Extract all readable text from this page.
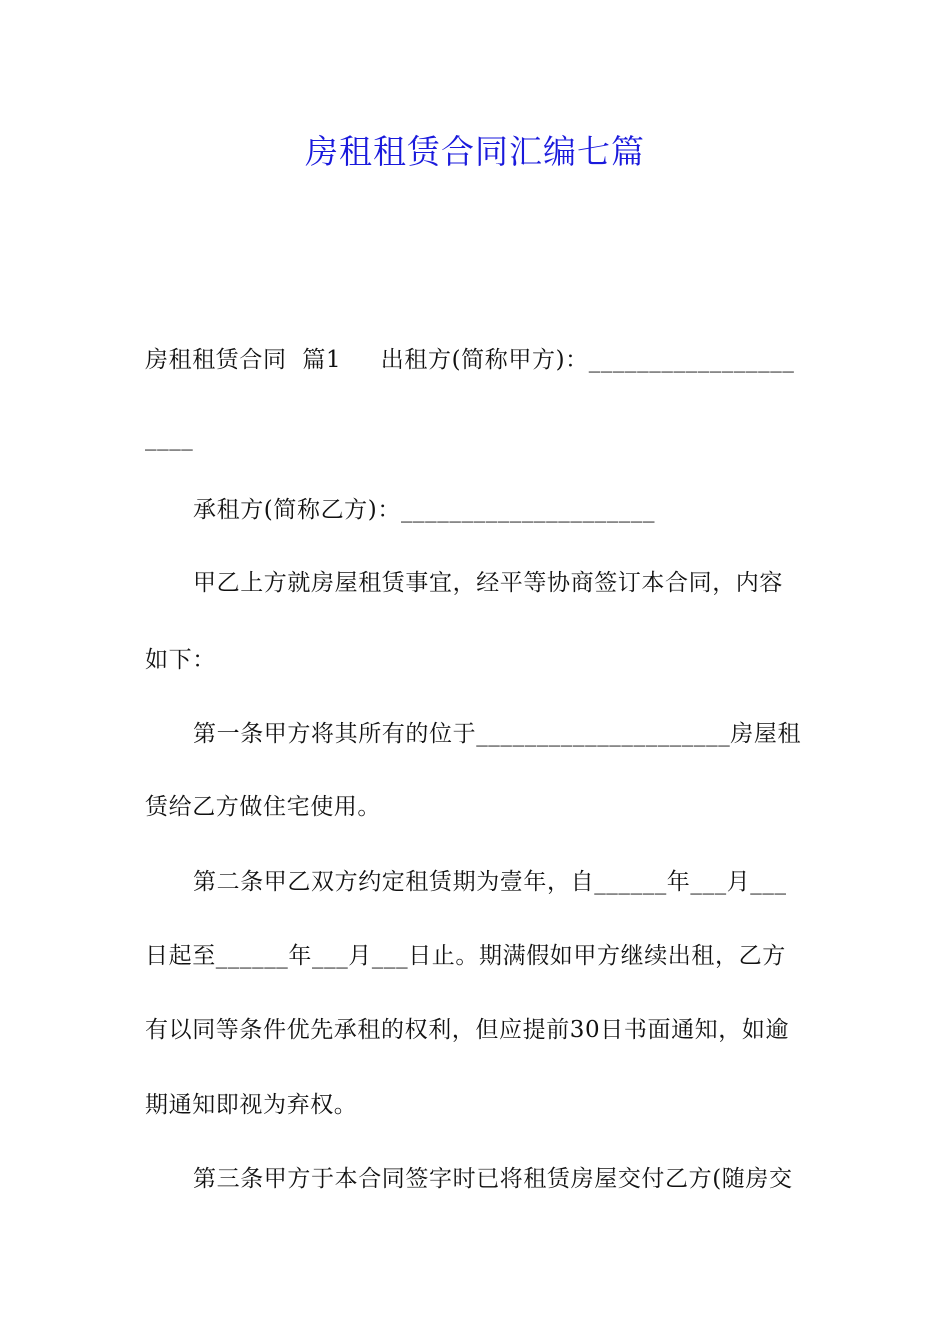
房租租赁合同汇编七篇
房租租赁合同  篇1     出租方(简称甲方)：_________________
____
承租方(简称乙方)：_____________________
甲乙上方就房屋租赁事宜，经平等协商签订本合同，内容
如下：
第一条甲方将其所有的位于_____________________房屋租
赁给乙方做住宅使用。
第二条甲乙双方约定租赁期为壹年，自______年___月___
日起至______年___月___日止。期满假如甲方继续出租，乙方
有以同等条件优先承租的权利，但应提前30日书面通知，如逾
期通知即视为弃权。
第三条甲方于本合同签字时已将租赁房屋交付乙方(随房交
